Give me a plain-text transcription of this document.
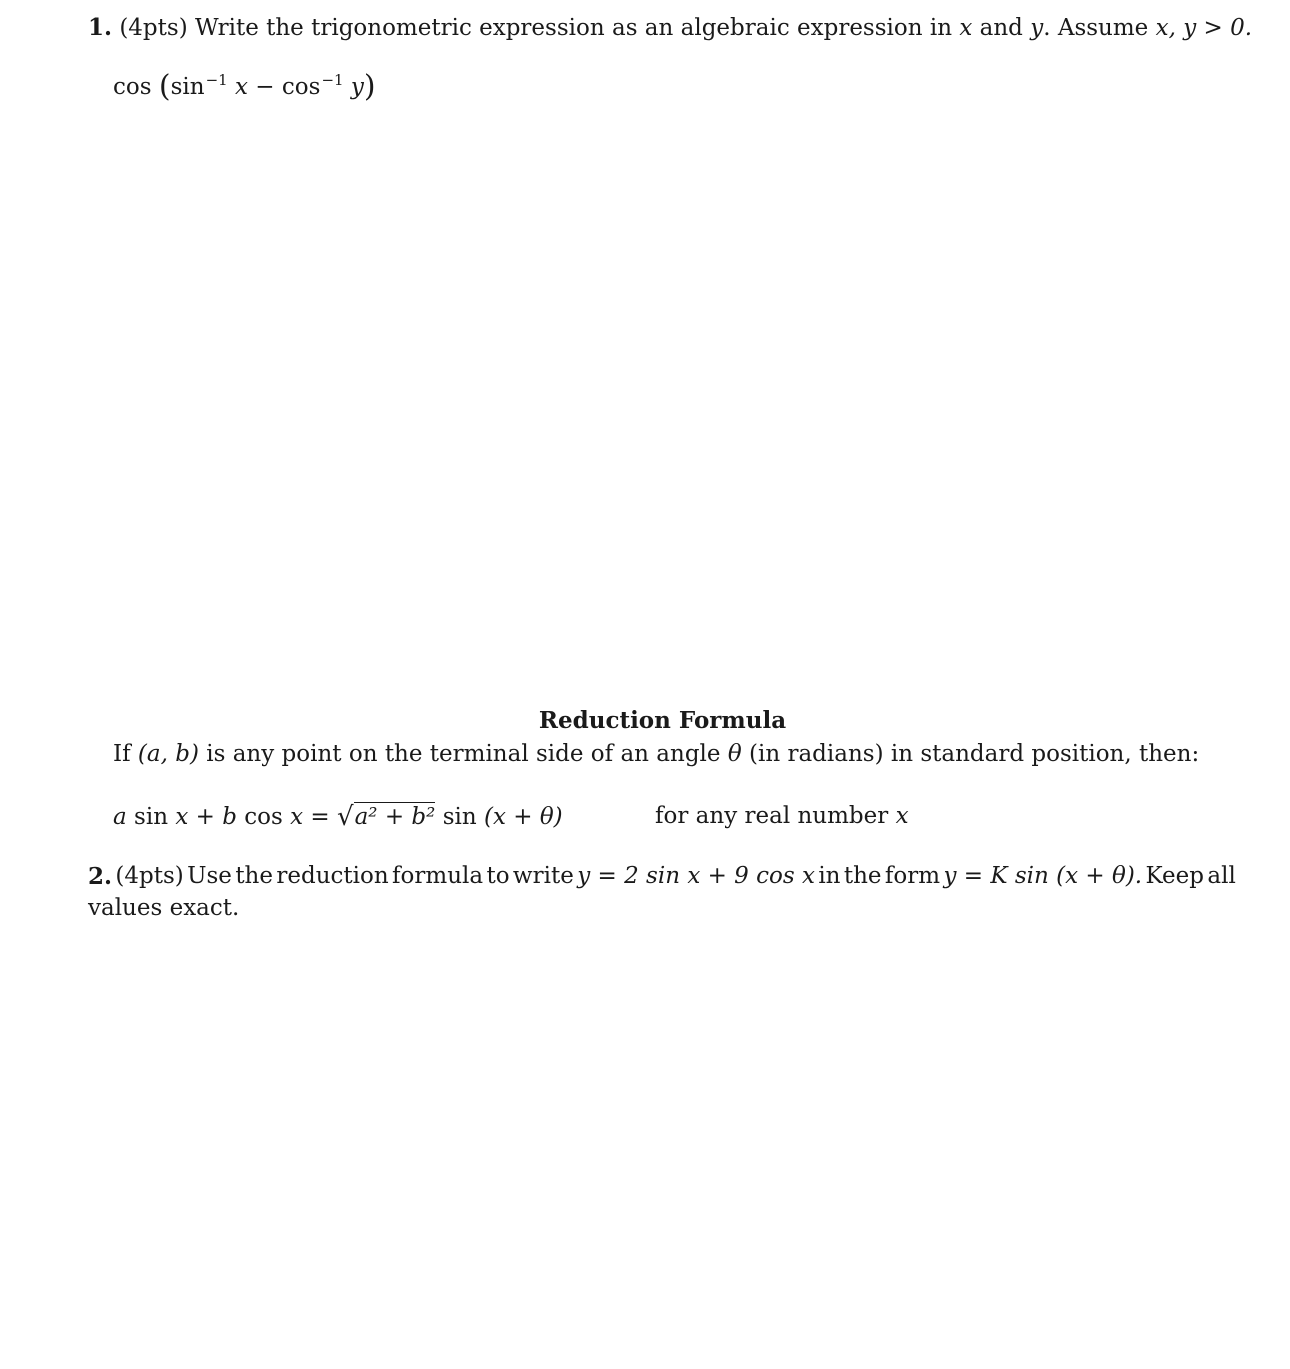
1. (4pts) Write the trigonometric expression as an algebraic expression in x and y. Assume x, y > 0.
$\cos (\sin^{-1}$ $x - \cos^{-1} y$)
Reduction Formula
If (a, b) is any point on the terminal side of an angle θ (in radians) in standard position, then:
a sin x + b cos x = √a² + b² sin (x + θ)	for any real number x
2. (4pts) Use the reduction formula to write y = 2 sin x + 9 cos x in the form y = K sin (x + θ). Keep all
values exact.
